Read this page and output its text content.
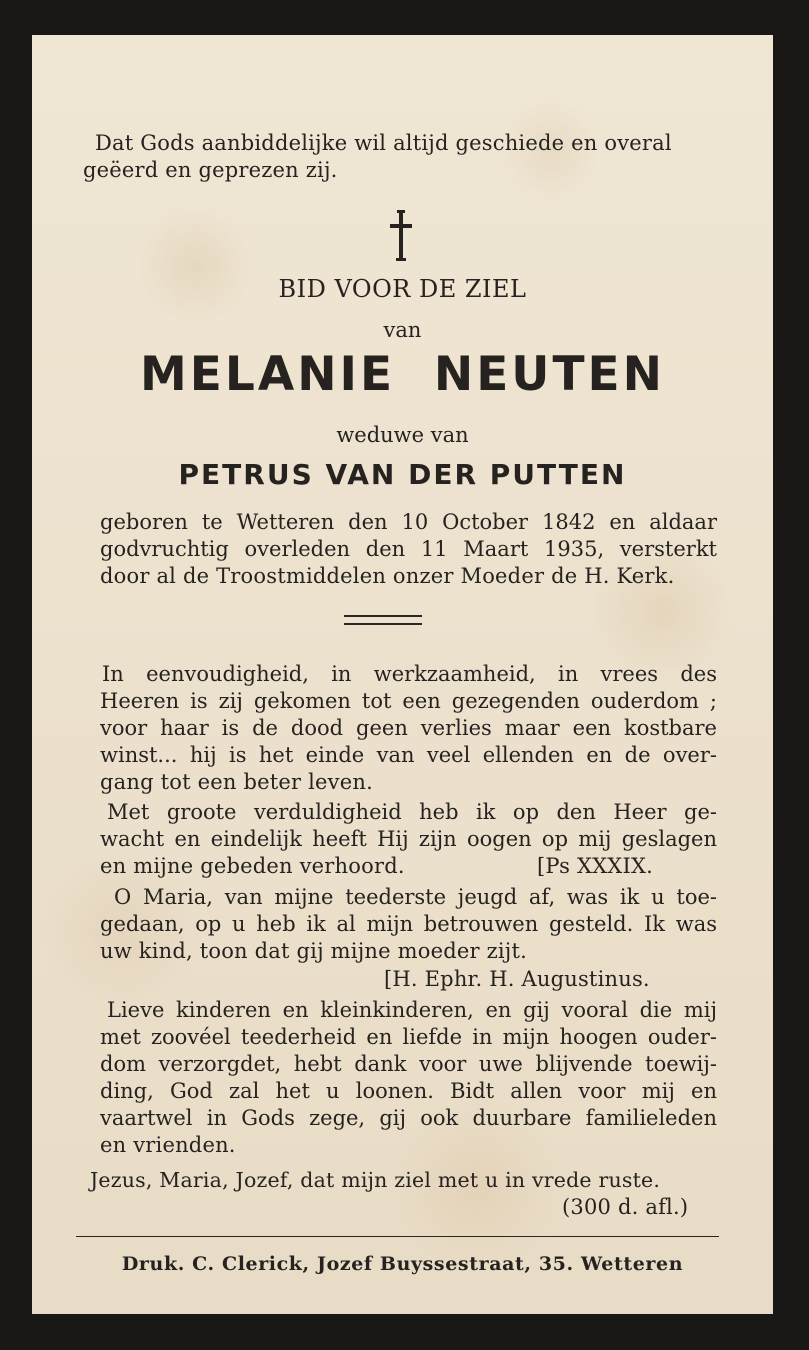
Dat Gods aanbiddelijke wil altijd geschiede en overal
geëerd en geprezen zij.
BID VOOR DE ZIEL
van
MELANIE  NEUTEN
weduwe van
PETRUS VAN DER PUTTEN
geboren te Wetteren den 10 October 1842 en aldaar
godvruchtig overleden den 11 Maart 1935, versterkt
door al de Troostmiddelen onzer Moeder de H. Kerk.
In eenvoudigheid, in werkzaamheid, in vrees des
Heeren is zij gekomen tot een gezegenden ouderdom ;
voor haar is de dood geen verlies maar een kostbare
winst... hij is het einde van veel ellenden en de over-
gang tot een beter leven.
Met groote verduldigheid heb ik op den Heer ge-
wacht en eindelijk heeft Hij zijn oogen op mij geslagen
en mijne gebeden verhoord.	[Ps XXXIX.
O Maria, van mijne teederste jeugd af, was ik u toe-
gedaan, op u heb ik al mijn betrouwen gesteld. Ik was
uw kind, toon dat gij mijne moeder zijt.
[H. Ephr. H. Augustinus.
Lieve kinderen en kleinkinderen, en gij vooral die mij
met zoovéel teederheid en liefde in mijn hoogen ouder-
dom verzorgdet, hebt dank voor uwe blijvende toewij-
ding, God zal het u loonen. Bidt allen voor mij en
vaartwel in Gods zege, gij ook duurbare familieleden
en vrienden.
Jezus, Maria, Jozef, dat mijn ziel met u in vrede ruste.
(300 d. afl.)
Druk. C. Clerick, Jozef Buyssestraat, 35. Wetteren
